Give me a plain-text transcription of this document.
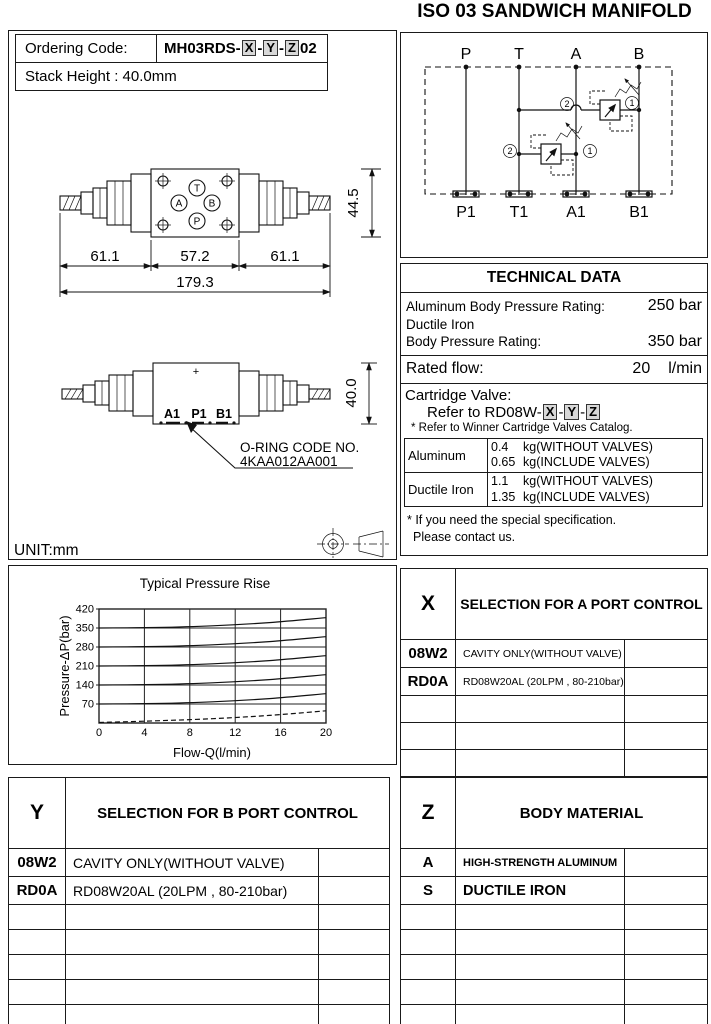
ISO 03 SANDWICH MANIFOLD
Ordering Code:	MH03RDS- X - Y - Z 02
Stack Height : 40.0mm
T
A	B
P
61.1	57.2	61.1
179.3
44.5
+
A1 P1 B1
40.0
O-RING CODE NO.
4KAA012AA001
UNIT:mm
P	T	A	B
2	1
2	1
P1 T1 A1	B1
TECHNICAL DATA
Aluminum Body Pressure Rating:	250 bar
Ductile Iron
Body Pressure Rating:	350 bar
Rated flow:	20 l/min
Cartridge Valve:
Refer to RD08W- X - Y - Z
* Refer to Winner Cartridge Valves Catalog.
Aluminum	0.4 kg(WITHOUT VALVES)
0.65 kg(INCLUDE VALVES)

Ductile Iron	1.1 kg(WITHOUT VALVES)
1.35 kg(INCLUDE VALVES)
* If you need the special specification.
Please contact us.
Typical Pressure Rise
70
140
210
280
350
420
0	4	8	12	16	20
Pressure-ΔP(bar)
Flow-Q(l/min)
X	SELECTION FOR A PORT CONTROL
08W2	CAVITY ONLY(WITHOUT VALVE)
RD0A	RD08W20AL (20LPM , 80-210bar)
Y	SELECTION FOR B PORT CONTROL
08W2	CAVITY ONLY(WITHOUT VALVE)
RD0A	RD08W20AL (20LPM , 80-210bar)
Z	BODY MATERIAL
A	HIGH-STRENGTH ALUMINUM
S	DUCTILE IRON
